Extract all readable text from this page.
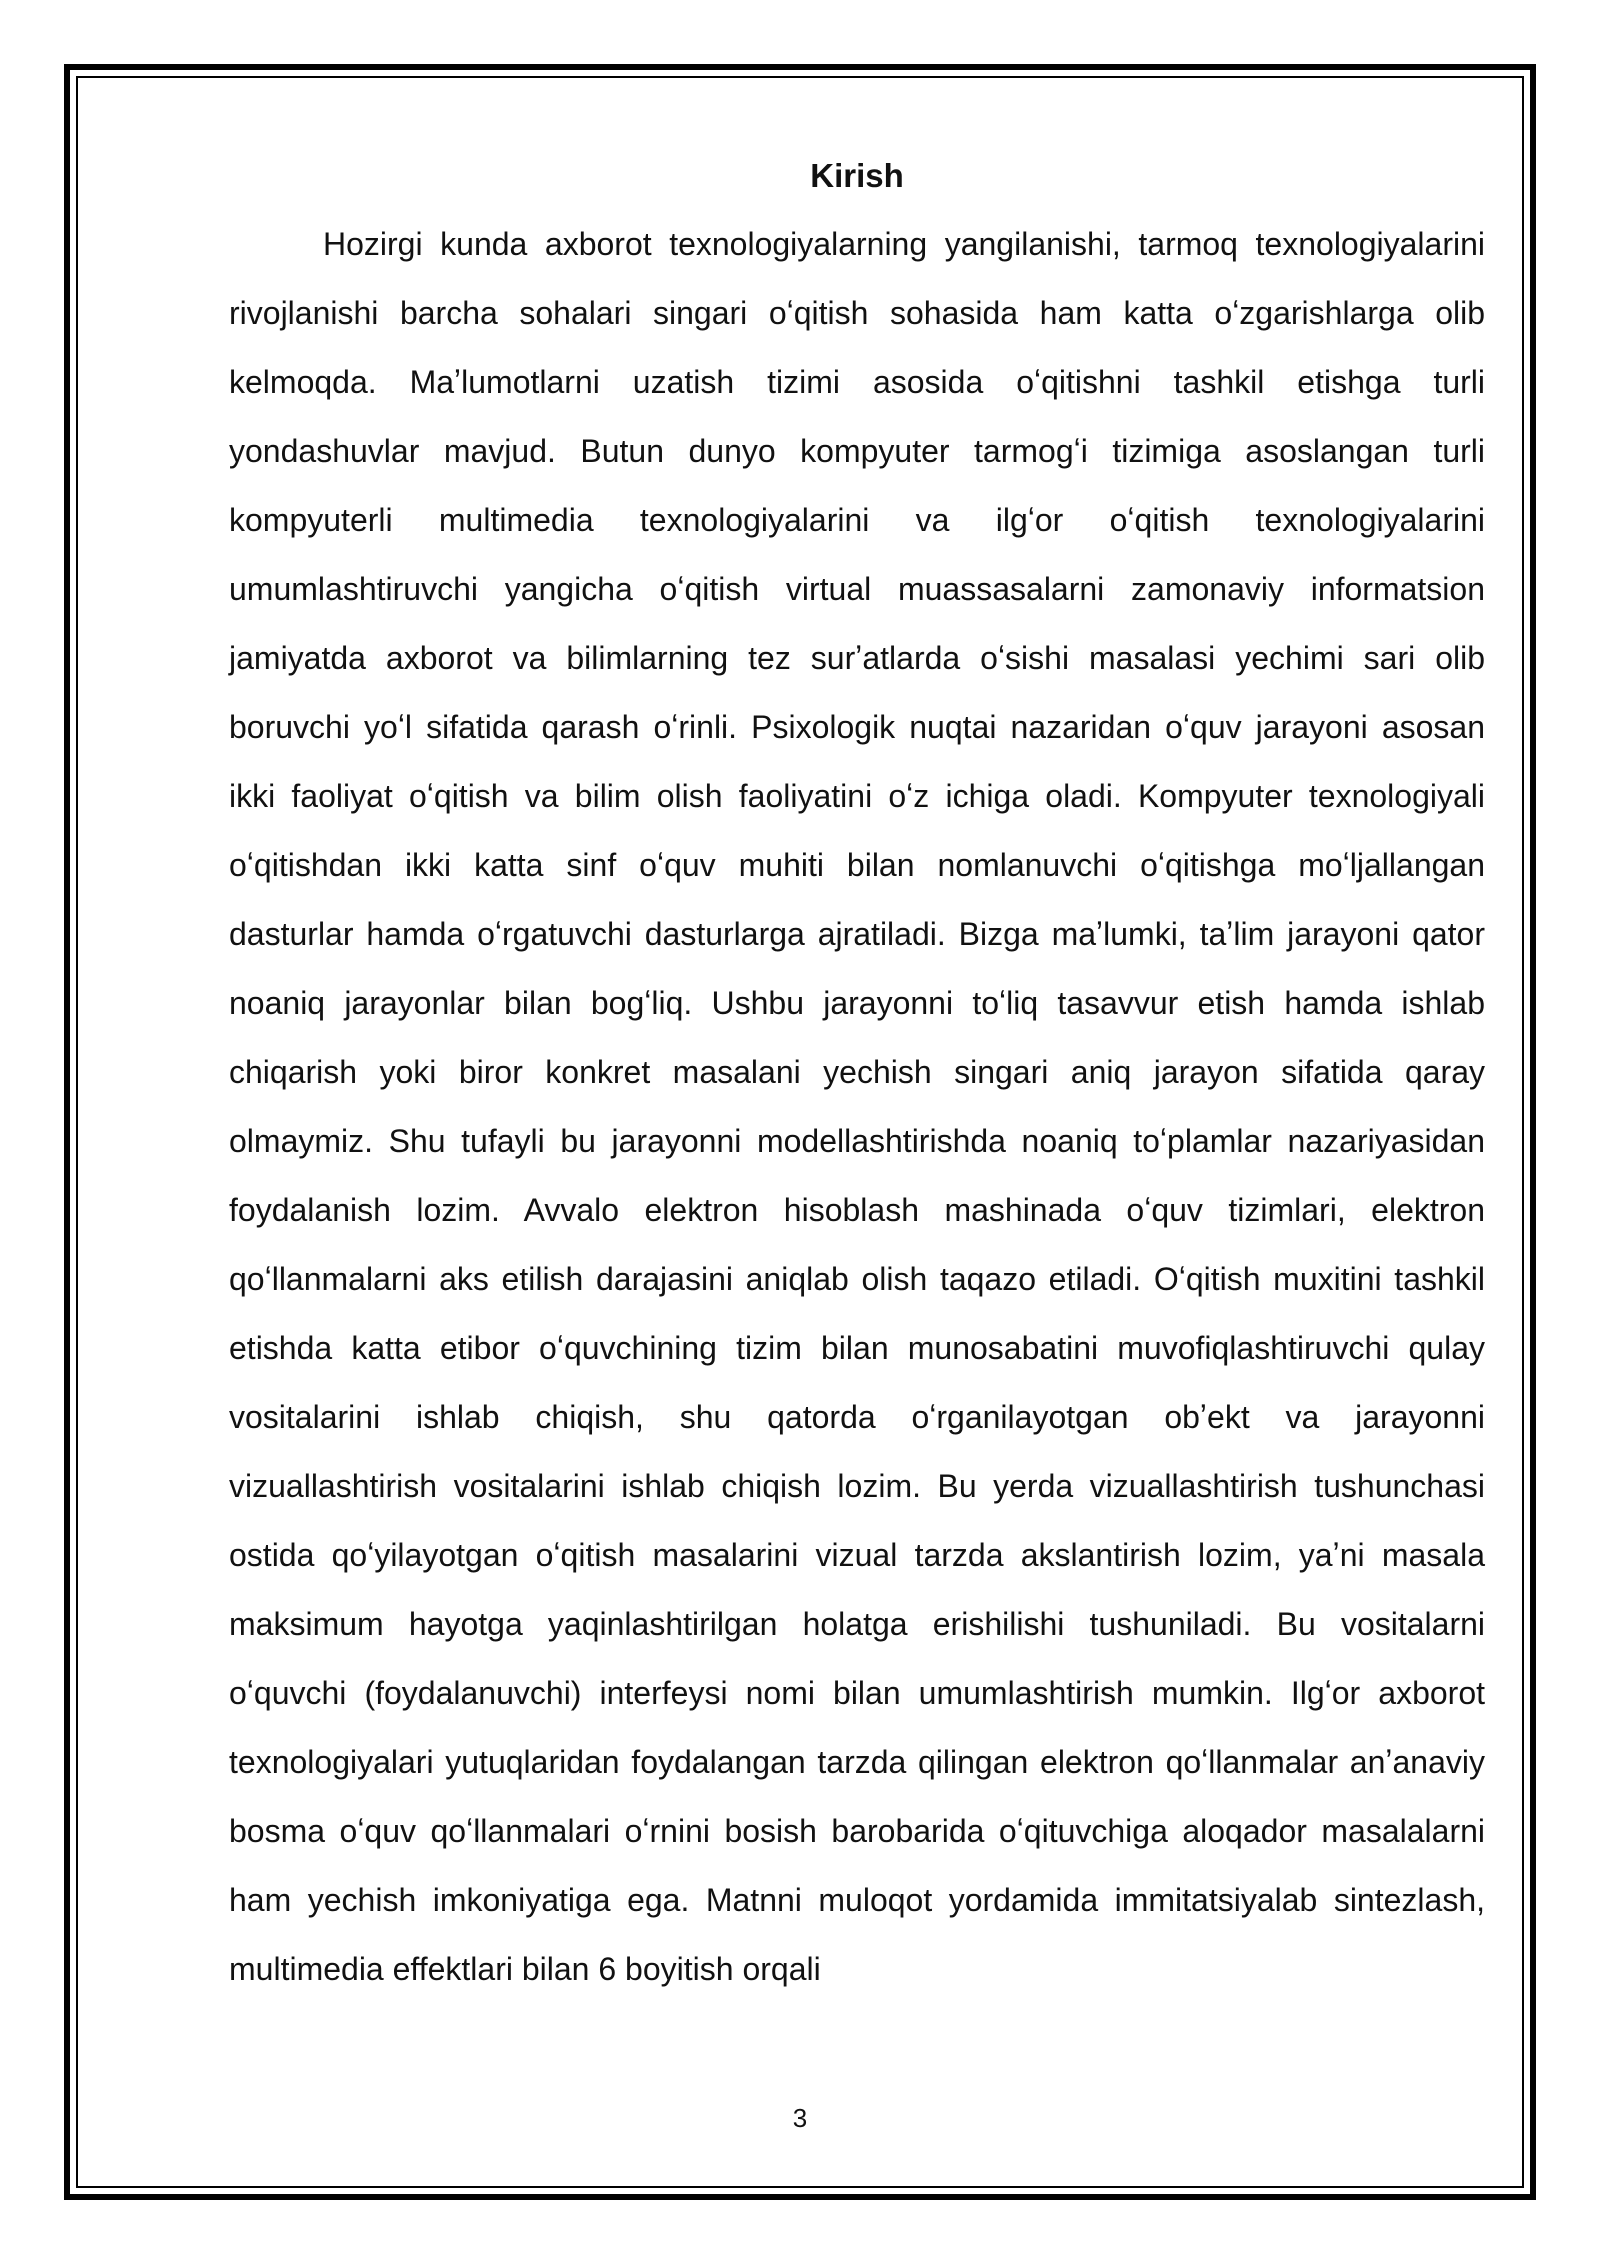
Kirish

Hozirgi kunda axborot texnologiyalarning yangilanishi, tarmoq texnologiyalarini rivojlanishi barcha sohalari singari oʻqitish sohasida ham katta oʻzgarishlarga olib kelmoqda. Maʼlumotlarni uzatish tizimi asosida oʻqitishni tashkil etishga turli yondashuvlar mavjud. Butun dunyo kompyuter tarmogʻi tizimiga asoslangan turli kompyuterli multimedia texnologiyalarini va ilgʻor oʻqitish texnologiyalarini umumlashtiruvchi yangicha oʻqitish virtual muassasalarni zamonaviy informatsion jamiyatda axborot va bilimlarning tez surʼatlarda oʻsishi masalasi yechimi sari olib boruvchi yoʻl sifatida qarash oʻrinli. Psixologik nuqtai nazaridan oʻquv jarayoni asosan ikki faoliyat oʻqitish va bilim olish faoliyatini oʻz ichiga oladi. Kompyuter texnologiyali oʻqitishdan ikki katta sinf oʻquv muhiti bilan nomlanuvchi oʻqitishga moʻljallangan dasturlar hamda oʻrgatuvchi dasturlarga ajratiladi. Bizga maʼlumki, taʼlim jarayoni qator noaniq jarayonlar bilan bogʻliq. Ushbu jarayonni toʻliq tasavvur etish hamda ishlab chiqarish yoki biror konkret masalani yechish singari aniq jarayon sifatida qaray olmaymiz. Shu tufayli bu jarayonni modellashtirishda noaniq toʻplamlar nazariyasidan foydalanish lozim. Avvalo elektron hisoblash mashinada oʻquv tizimlari, elektron qoʻllanmalarni aks etilish darajasini aniqlab olish taqazo etiladi. Oʻqitish muxitini tashkil etishda katta etibor oʻquvchining tizim bilan munosabatini muvofiqlashtiruvchi qulay vositalarini ishlab chiqish, shu qatorda oʻrganilayotgan obʼekt va jarayonni vizuallashtirish vositalarini ishlab chiqish lozim. Bu yerda vizuallashtirish tushunchasi ostida qoʻyilayotgan oʻqitish masalarini vizual tarzda akslantirish lozim, yaʼni masala maksimum hayotga yaqinlashtirilgan holatga erishilishi tushuniladi. Bu vositalarni oʻquvchi (foydalanuvchi) interfeysi nomi bilan umumlashtirish mumkin. Ilgʻor axborot texnologiyalari yutuqlaridan foydalangan tarzda qilingan elektron qoʻllanmalar anʼanaviy bosma oʻquv qoʻllanmalari oʻrnini bosish barobarida oʻqituvchiga aloqador masalalarni ham yechish imkoniyatiga ega. Matnni muloqot yordamida immitatsiyalab sintezlash, multimedia effektlari bilan 6 boyitish orqali

3
